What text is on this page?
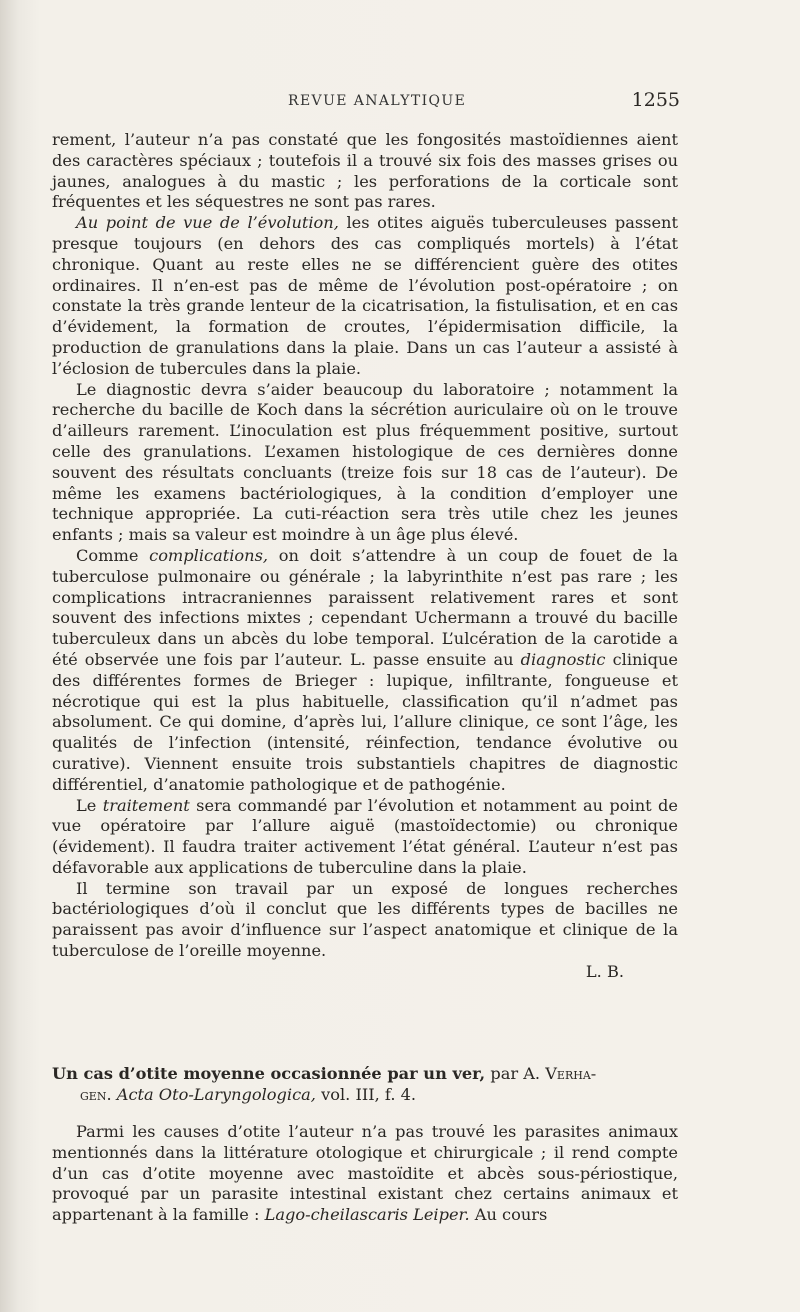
REVUE ANALYTIQUE	1255

rement, l’auteur n’a pas constaté que les fongosités mastoïdiennes aient des caractères spéciaux ; toutefois il a trouvé six fois des masses grises ou jaunes, analogues à du mastic ; les perforations de la corticale sont fréquentes et les séquestres ne sont pas rares.

Au point de vue de l’évolution, les otites aiguës tuberculeuses passent presque toujours (en dehors des cas compliqués mortels) à l’état chronique. Quant au reste elles ne se différencient guère des otites ordinaires. Il n’en-est pas de même de l’évolution post-opératoire ; on constate la très grande lenteur de la cicatrisation, la fistulisation, et en cas d’évidement, la formation de croutes, l’épidermisation difficile, la production de granulations dans la plaie. Dans un cas l’auteur a assisté à l’éclosion de tubercules dans la plaie.

Le diagnostic devra s’aider beaucoup du laboratoire ; notamment la recherche du bacille de Koch dans la sécrétion auriculaire où on le trouve d’ailleurs rarement. L’inoculation est plus fréquemment positive, surtout celle des granulations. L’examen histologique de ces dernières donne souvent des résultats concluants (treize fois sur 18 cas de l’auteur). De même les examens bactériologiques, à la condition d’employer une technique appropriée. La cuti-réaction sera très utile chez les jeunes enfants ; mais sa valeur est moindre à un âge plus élevé.

Comme complications, on doit s’attendre à un coup de fouet de la tuberculose pulmonaire ou générale ; la labyrinthite n’est pas rare ; les complications intracraniennes paraissent relativement rares et sont souvent des infections mixtes ; cependant Uchermann a trouvé du bacille tuberculeux dans un abcès du lobe temporal. L’ulcération de la carotide a été observée une fois par l’auteur. L. passe ensuite au diagnostic clinique des différentes formes de Brieger : lupique, infiltrante, fongueuse et nécrotique qui est la plus habituelle, classification qu’il n’admet pas absolument. Ce qui domine, d’après lui, l’allure clinique, ce sont l’âge, les qualités de l’infection (intensité, réinfection, tendance évolutive ou curative). Viennent ensuite trois substantiels chapitres de diagnostic différentiel, d’anatomie pathologique et de pathogénie.

Le traitement sera commandé par l’évolution et notamment au point de vue opératoire par l’allure aiguë (mastoïdectomie) ou chronique (évidement). Il faudra traiter activement l’état général. L’auteur n’est pas défavorable aux applications de tuberculine dans la plaie.

Il termine son travail par un exposé de longues recherches bactériologiques d’où il conclut que les différents types de bacilles ne paraissent pas avoir d’influence sur l’aspect anatomique et clinique de la tuberculose de l’oreille moyenne.

L. B.
Un cas d’otite moyenne occasionnée par un ver, par A. Verha-
gen. Acta Oto-Laryngologica, vol. III, f. 4.

Parmi les causes d’otite l’auteur n’a pas trouvé les parasites animaux mentionnés dans la littérature otologique et chirurgicale ; il rend compte d’un cas d’otite moyenne avec mastoïdite et abcès sous-périostique, provoqué par un parasite intestinal existant chez certains animaux et appartenant à la famille : Lago-cheilascaris Leiper. Au cours
